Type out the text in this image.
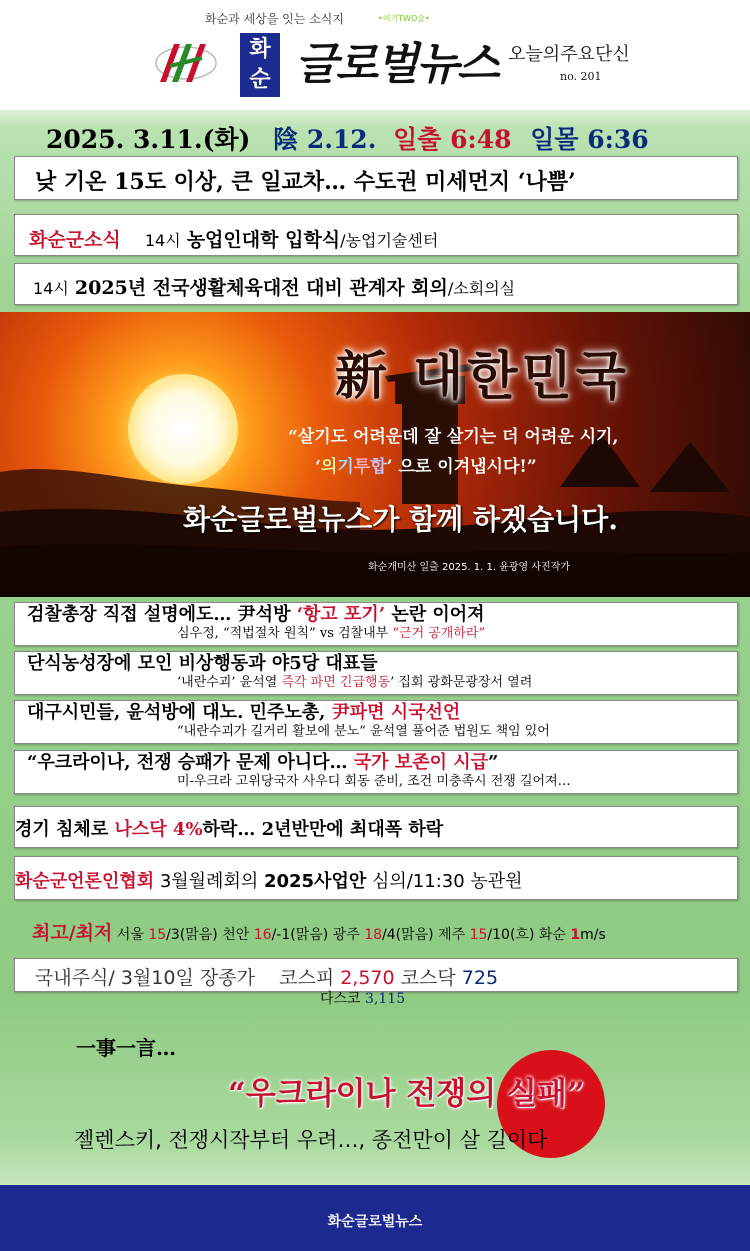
화순과 세상을 잇는 소식지	•이기TWO술•
화
순 글로벌뉴스 오늘의주요단신
no. 201
2025. 3.11.(화) 陰 2.12. 일출 6:48 일몰 6:36
낮 기온 15도 이상, 큰 일교차… 수도권 미세먼지 ‘나쁨’
화순군소식 14시 농업인대학 입학식/농업기술센터
14시 2025년 전국생활체육대전 대비 관계자 회의/소회의실
新 대한민국
“살기도 어려운데 잘 살기는 더 어려운 시기,
‘의기투합’ 으로 이겨냅시다!”
화순글로벌뉴스가 함께 하겠습니다.
화순개미산 일출 2025. 1. 1. 윤광영 사진작가
검찰총장 직접 설명에도… 尹석방 ‘항고 포기’ 논란 이어져
심우정, “적법절차 원칙” vs 검찰내부 “근거 공개하라”
단식농성장에 모인 비상행동과 야5당 대표들
‘내란수괴’ 윤석열 즉각 파면 긴급행동’ 집회 광화문광장서 열려
대구시민들, 윤석방에 대노. 민주노총, 尹파면 시국선언
“내란수괴가 길거리 활보에 분노” 윤석열 풀어준 법원도 책임 있어
“우크라이나, 전쟁 승패가 문제 아니다… 국가 보존이 시급”
미-우크라 고위당국자 사우디 회동 준비, 조건 미충족시 전쟁 길어져…
경기 침체로 나스닥 4%하락… 2년반만에 최대폭 하락
화순군언론인협회 3월월례회의 2025사업안 심의/11:30 농관원
최고/최저 서울 15/3(맑음) 천안 16/-1(맑음) 광주 18/4(맑음) 제주 15/10(흐) 화순 1m/s
국내주식/ 3월10일 장종가 코스피 2,570 코스닥 725
다스코 3,115
一事一言…
“우크라이나 전쟁의 실패”
젤렌스키, 전쟁시작부터 우려…, 종전만이 살 길이다
화순글로벌뉴스
